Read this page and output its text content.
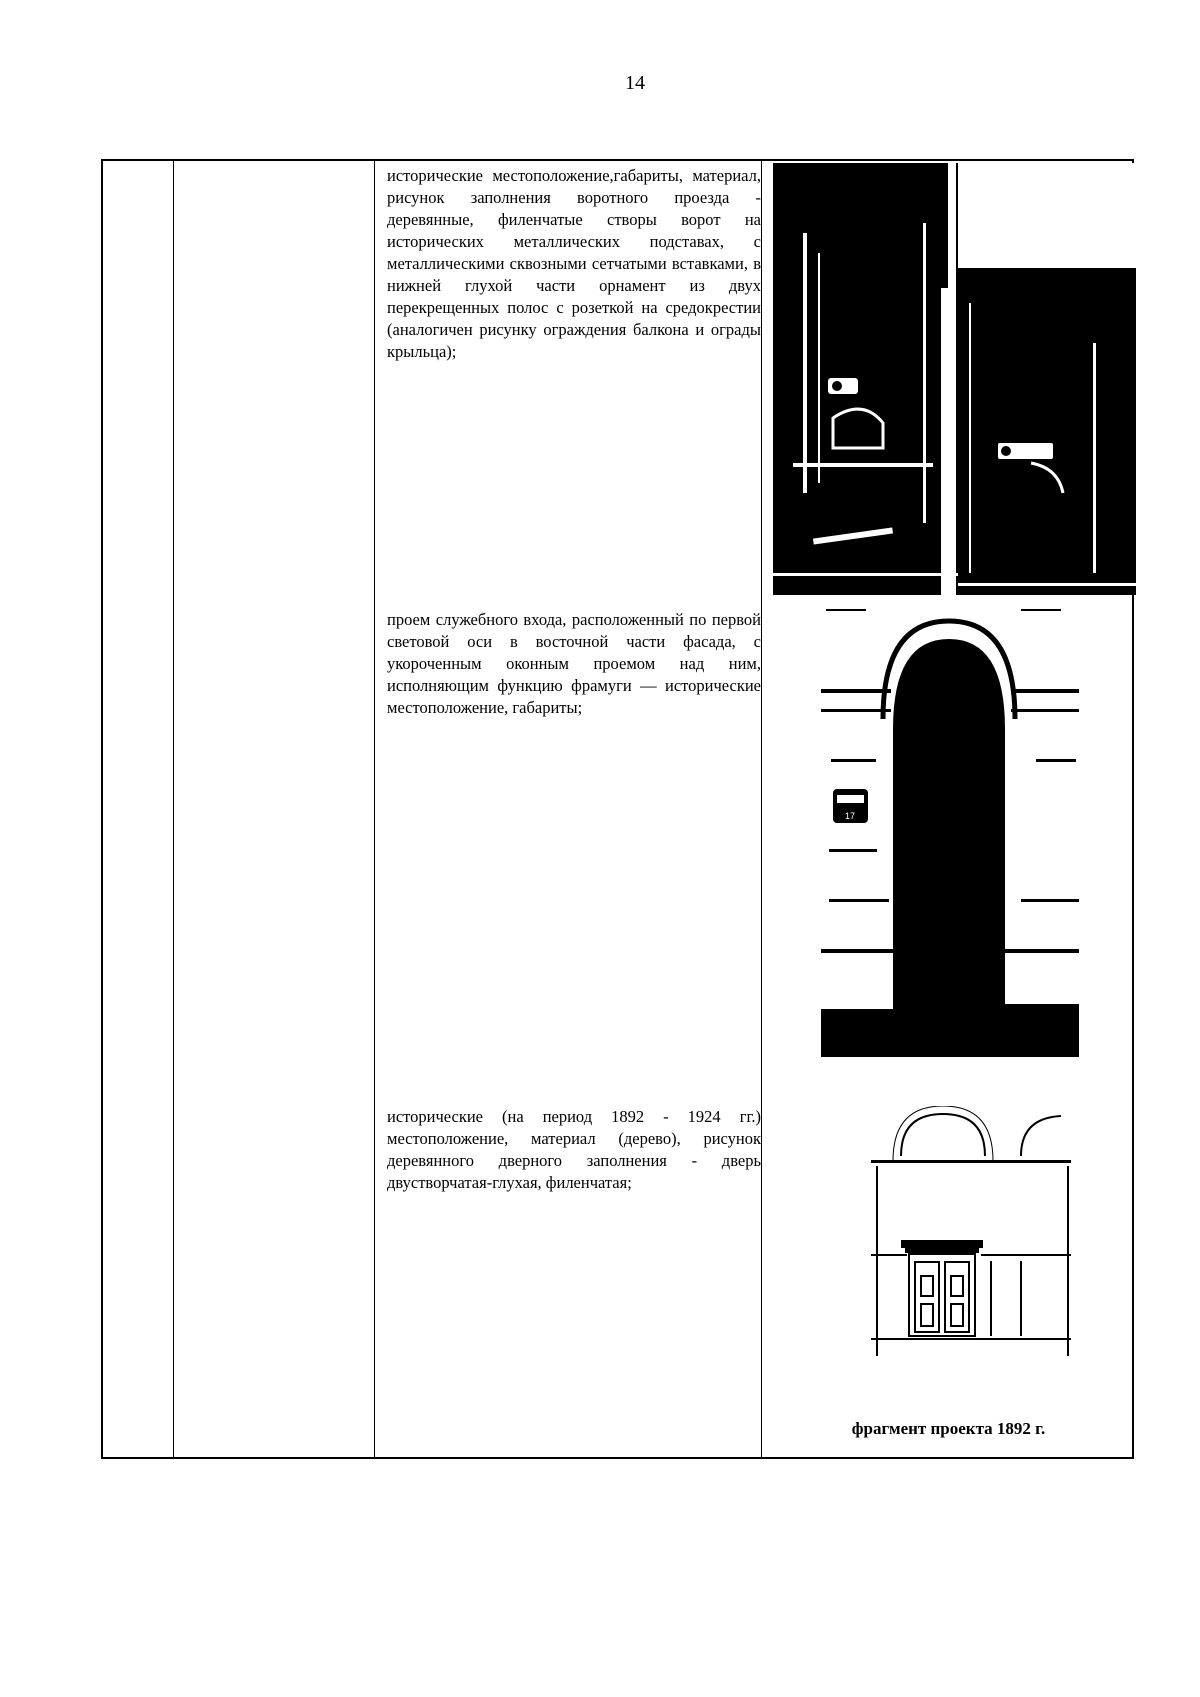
14
исторические местоположение,габариты, материал, рисунок заполнения воротного проезда - деревянные, филенчатые створы ворот на исторических металлических подставах, с металлическими сквозными сетчатыми вставками, в нижней глухой части орнамент из двух перекрещенных полос с розеткой на средокрестии (аналогичен рисунку ограждения балкона и ограды крыльца);
проем служебного входа, расположенный по первой световой оси в восточной части фасада, с укороченным оконным проемом над ним, исполняющим функцию фрамуги — исторические местоположение, габариты;
исторические (на период 1892 - 1924 гг.) местоположение, материал (дерево), рисунок деревянного дверного заполнения - дверь двустворчатая-глухая, филенчатая;
17
фрагмент проекта 1892 г.
